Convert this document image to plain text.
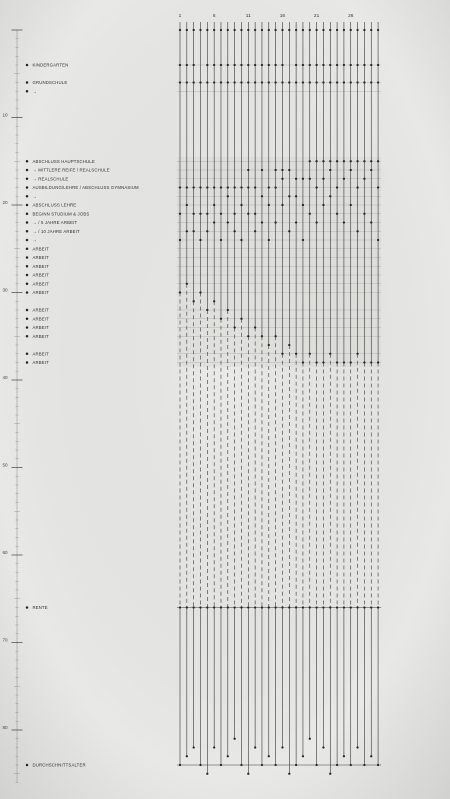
10
20
30
40
50
60
70
80
KINDERGARTEN
GRUNDSCHULE
→
ABSCHLUSS HAUPTSCHULE
→ MITTLERE REIFE / REALSCHULE
→ REALSCHULE
AUSBILDUNG/LEHRE / ABSCHLUSS GYMNASIUM
→
ABSCHLUSS LEHRE
BEGINN STUDIUM & JOBS
→ / 5 JAHRE ARBEIT
→ / 10 JAHRE ARBEIT
→
ARBEIT
ARBEIT
ARBEIT
ARBEIT
ARBEIT
ARBEIT
ARBEIT
ARBEIT
ARBEIT
ARBEIT
ARBEIT
ARBEIT
RENTE
DURCHSCHNITTSALTER
1	6	11	16	21	26
